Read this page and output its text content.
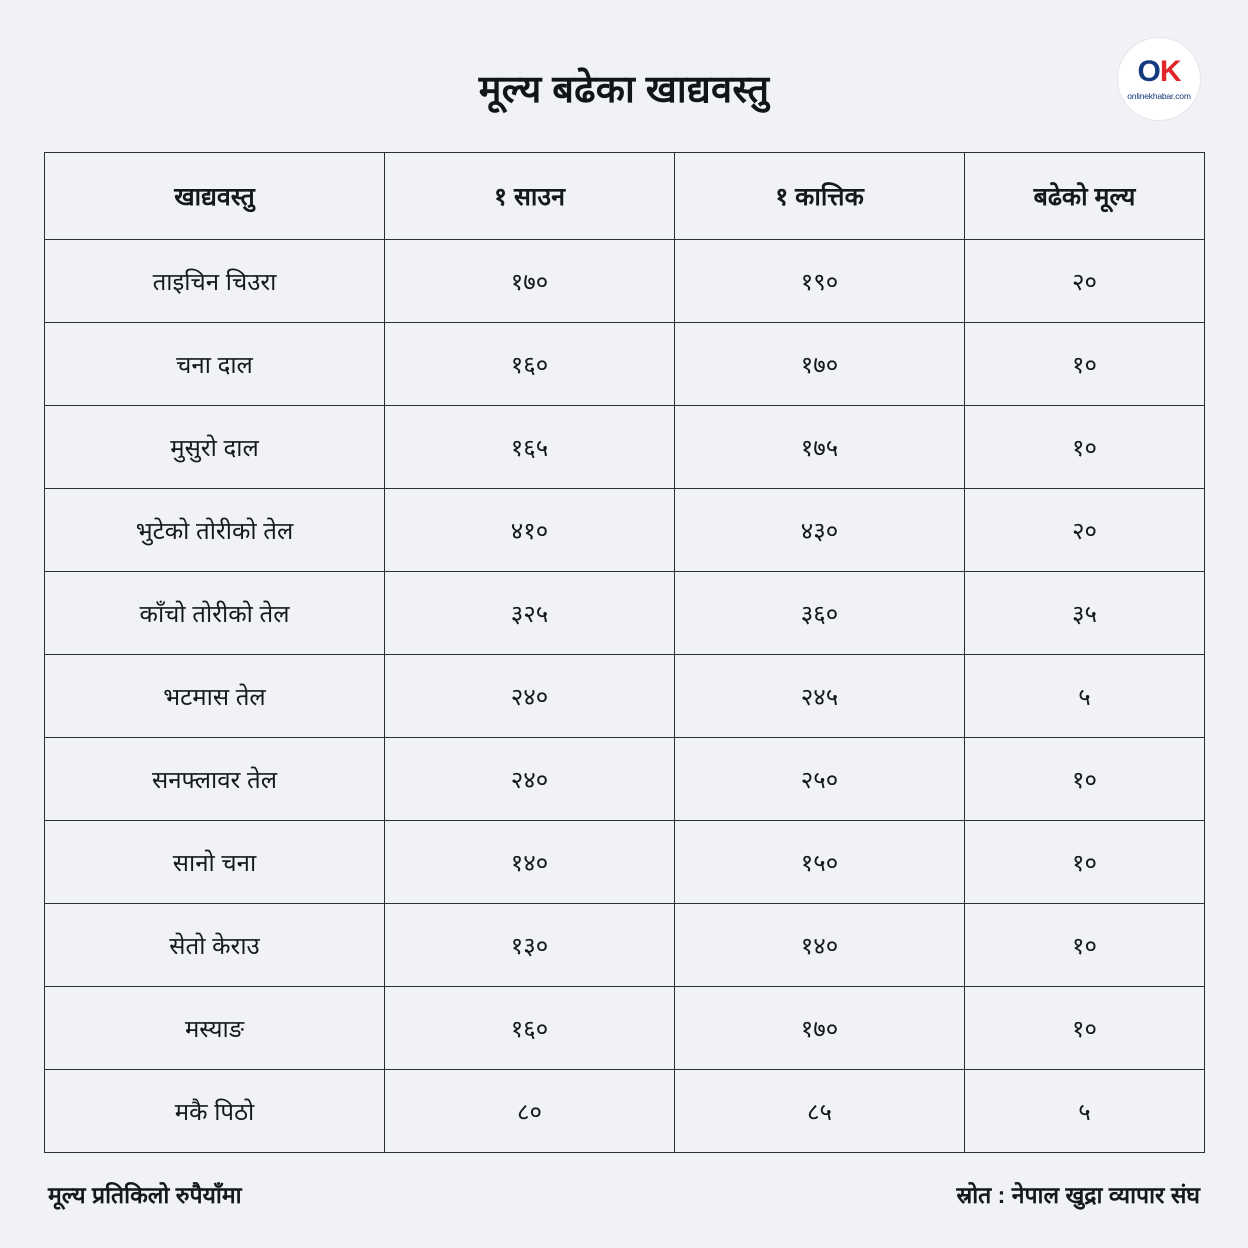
मूल्य बढेका खाद्यवस्तु	OK
onlinekhabar.com
खाद्यवस्तु	१ साउन	१ कात्तिक	बढेको मूल्य
ताइचिन चिउरा	१७०	१९०	२०
चना दाल	१६०	१७०	१०
मुसुरो दाल	१६५	१७५	१०
भुटेको तोरीको तेल	४१०	४३०	२०
काँचो तोरीको तेल	३२५	३६०	३५
भटमास तेल	२४०	२४५	५
सनफ्लावर तेल	२४०	२५०	१०
सानो चना	१४०	१५०	१०
सेतो केराउ	१३०	१४०	१०
मस्याङ	१६०	१७०	१०
मकै पिठो	८०	८५	५
मूल्य प्रतिकिलो रुपैयाँमा	स्रोत : नेपाल खुद्रा व्यापार संघ
